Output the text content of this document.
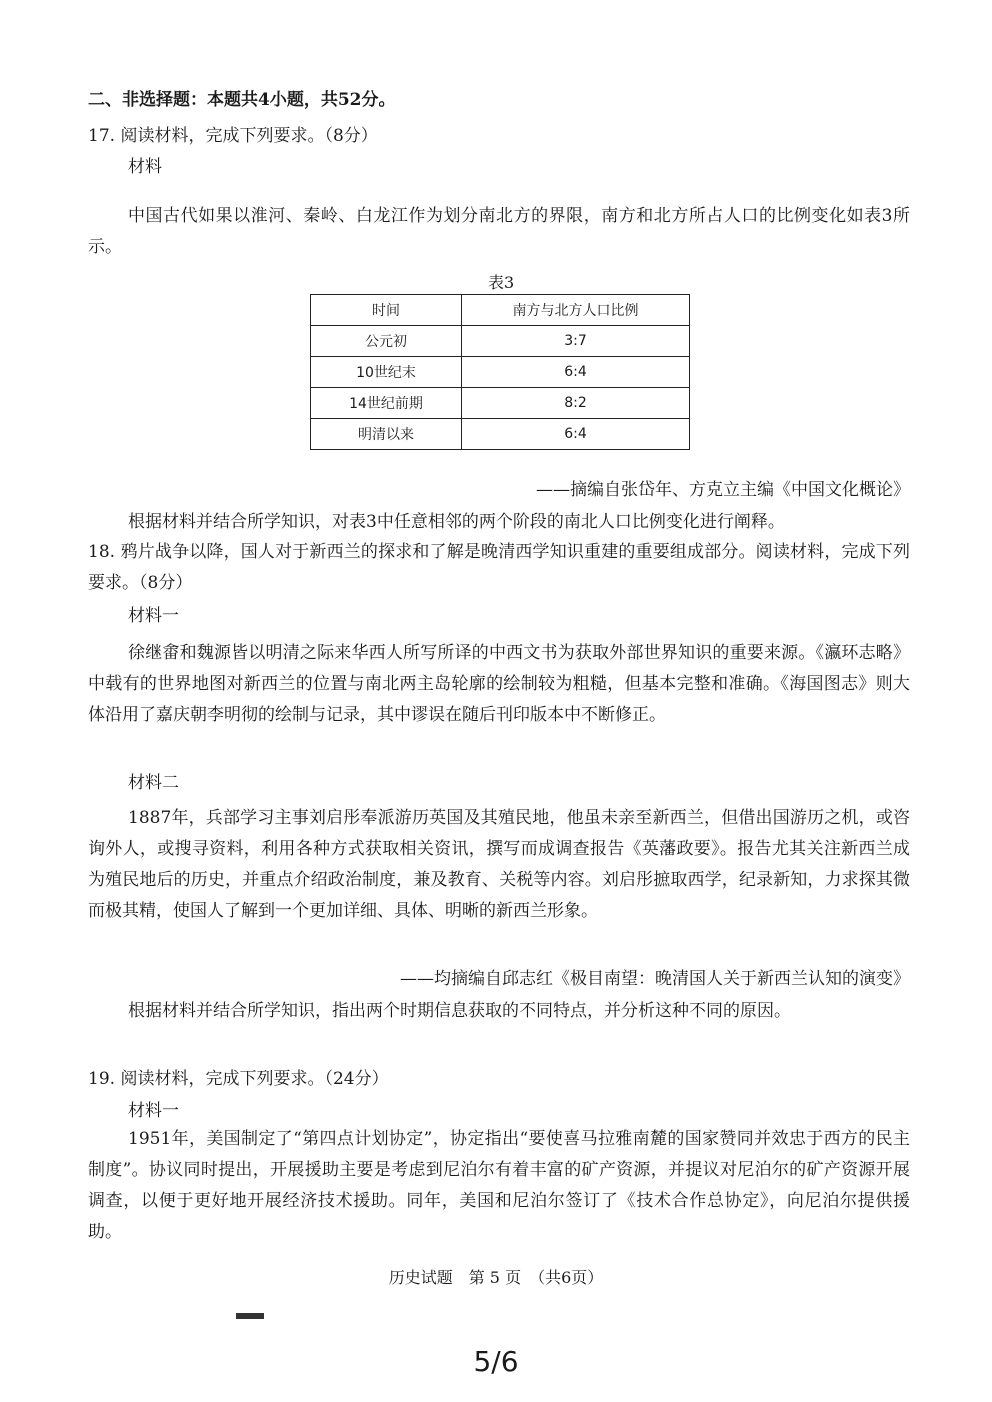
二、非选择题：本题共4小题，共52分。
17. 阅读材料，完成下列要求。（8分）
材料
中国古代如果以淮河、秦岭、白龙江作为划分南北方的界限，南方和北方所占人口的比例变化如表3所示。
表3
时间	南方与北方人口比例
公元初	3:7
10世纪末	6:4
14世纪前期	8:2
明清以来	6:4
——摘编自张岱年、方克立主编《中国文化概论》
根据材料并结合所学知识，对表3中任意相邻的两个阶段的南北人口比例变化进行阐释。
18. 鸦片战争以降，国人对于新西兰的探求和了解是晚清西学知识重建的重要组成部分。阅读材料，完成下列要求。（8分）
材料一
徐继畬和魏源皆以明清之际来华西人所写所译的中西文书为获取外部世界知识的重要来源。《瀛环志略》中载有的世界地图对新西兰的位置与南北两主岛轮廓的绘制较为粗糙，但基本完整和准确。《海国图志》则大体沿用了嘉庆朝李明彻的绘制与记录，其中谬误在随后刊印版本中不断修正。
材料二
1887年，兵部学习主事刘启彤奉派游历英国及其殖民地，他虽未亲至新西兰，但借出国游历之机，或咨询外人，或搜寻资料，利用各种方式获取相关资讯，撰写而成调查报告《英藩政要》。报告尤其关注新西兰成为殖民地后的历史，并重点介绍政治制度，兼及教育、关税等内容。刘启彤摭取西学，纪录新知，力求探其微而极其精，使国人了解到一个更加详细、具体、明晰的新西兰形象。
——均摘编自邱志红《极目南望：晚清国人关于新西兰认知的演变》
根据材料并结合所学知识，指出两个时期信息获取的不同特点，并分析这种不同的原因。
19. 阅读材料，完成下列要求。（24分）
材料一
1951年，美国制定了“第四点计划协定”，协定指出“要使喜马拉雅南麓的国家赞同并效忠于西方的民主制度”。协议同时提出，开展援助主要是考虑到尼泊尔有着丰富的矿产资源，并提议对尼泊尔的矿产资源开展调查，以便于更好地开展经济技术援助。同年，美国和尼泊尔签订了《技术合作总协定》，向尼泊尔提供援助。
历史试题　第 5 页　（共6页）
5/6
